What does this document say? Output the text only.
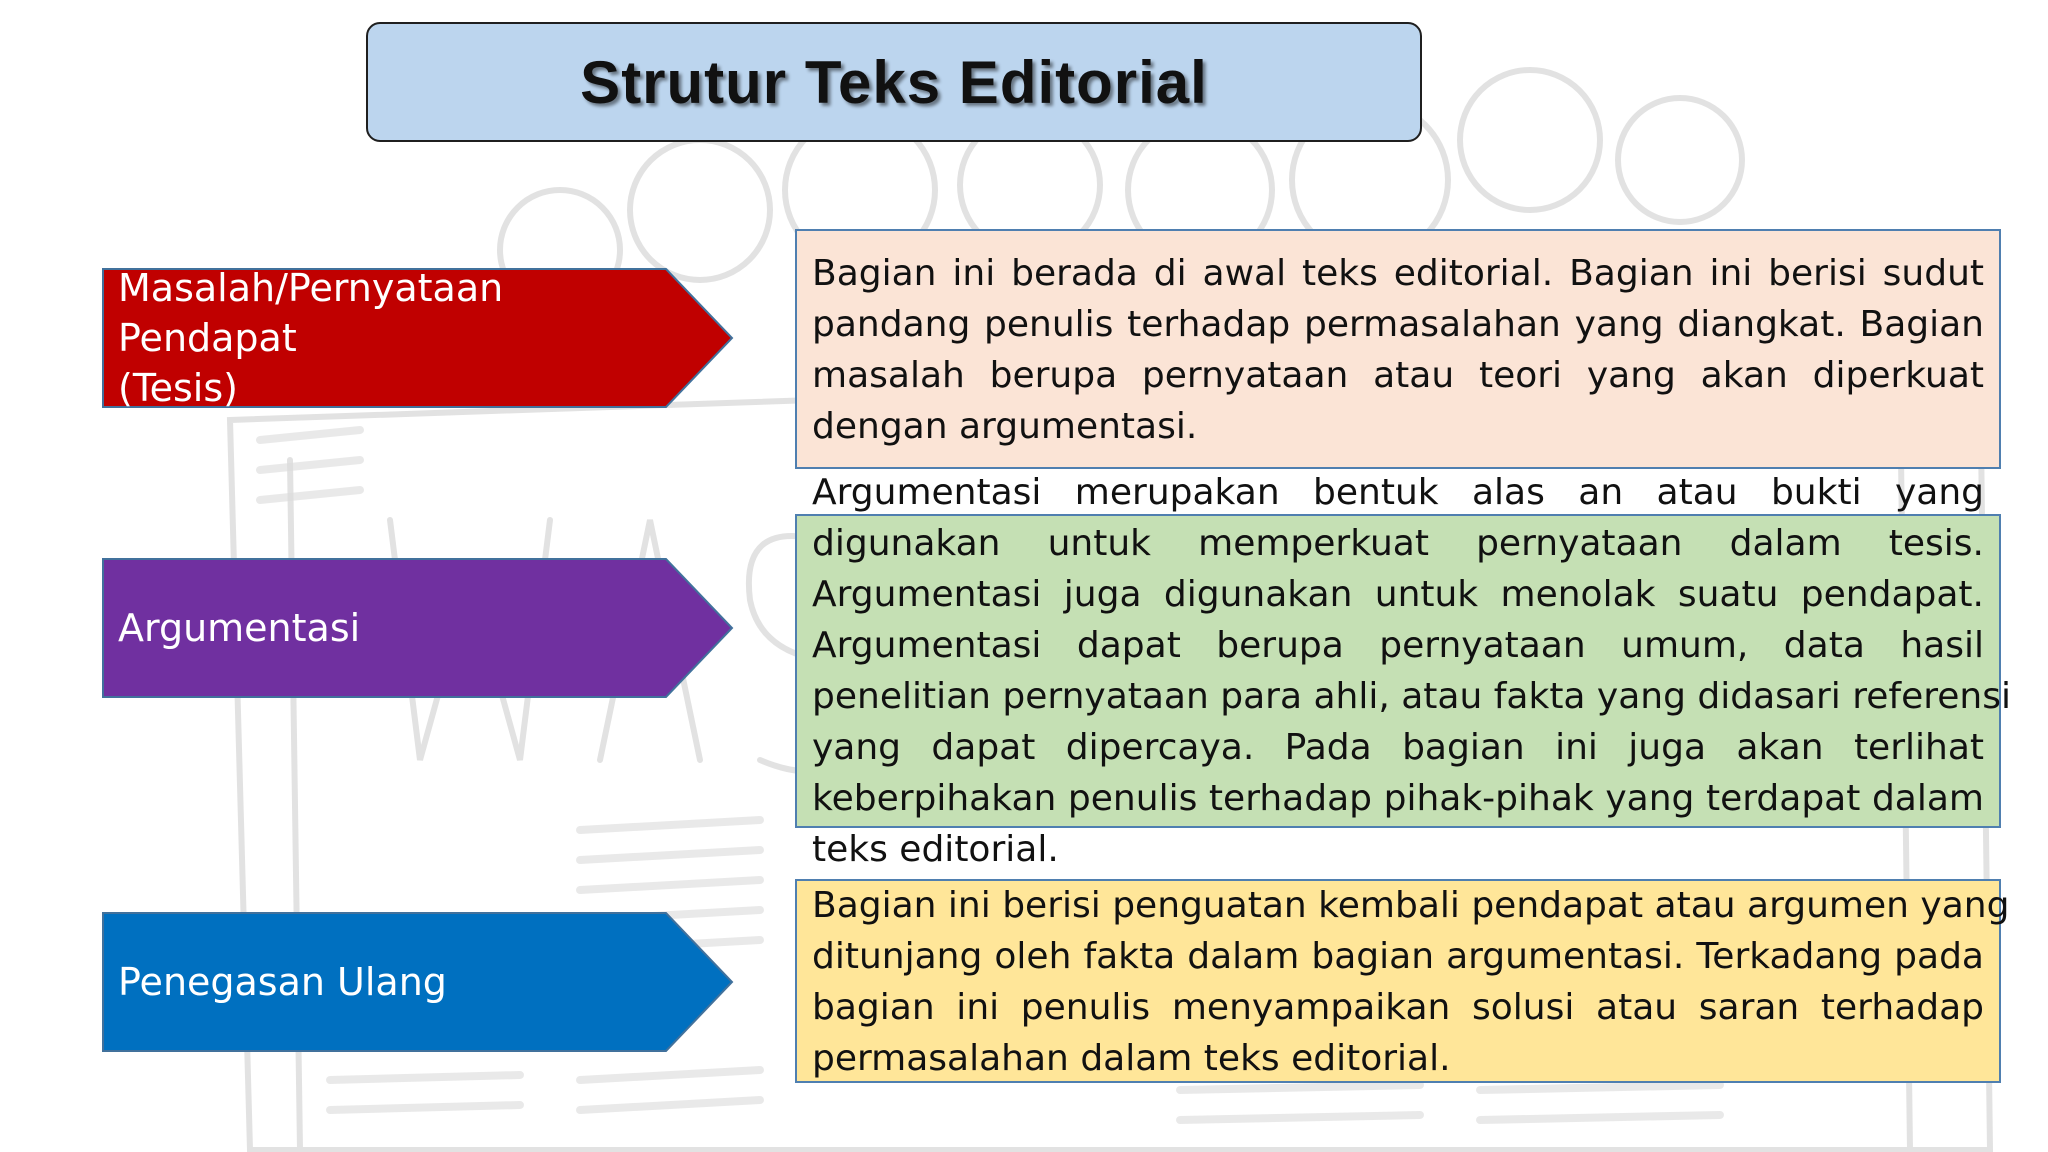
Strutur Teks Editorial
Masalah/Pernyataan Pendapat
(Tesis)
Argumentasi
Penegasan Ulang
Bagian ini berada di awal teks editorial. Bagian ini berisi sudut
pandang penulis terhadap permasalahan yang diangkat. Bagian
masalah berupa pernyataan atau teori yang akan diperkuat
dengan argumentasi.
Argumentasi merupakan bentuk alas an atau bukti yang
digunakan untuk memperkuat pernyataan dalam tesis.
Argumentasi juga digunakan untuk menolak suatu pendapat.
Argumentasi dapat berupa pernyataan umum, data hasil
penelitian pernyataan para ahli, atau fakta yang didasari referensi
yang dapat dipercaya. Pada bagian ini juga akan terlihat
keberpihakan penulis terhadap pihak-pihak yang terdapat dalam
teks editorial.
Bagian ini berisi penguatan kembali pendapat atau argumen yang
ditunjang oleh fakta dalam bagian argumentasi. Terkadang pada
bagian ini penulis menyampaikan solusi atau saran terhadap
permasalahan dalam teks editorial.
